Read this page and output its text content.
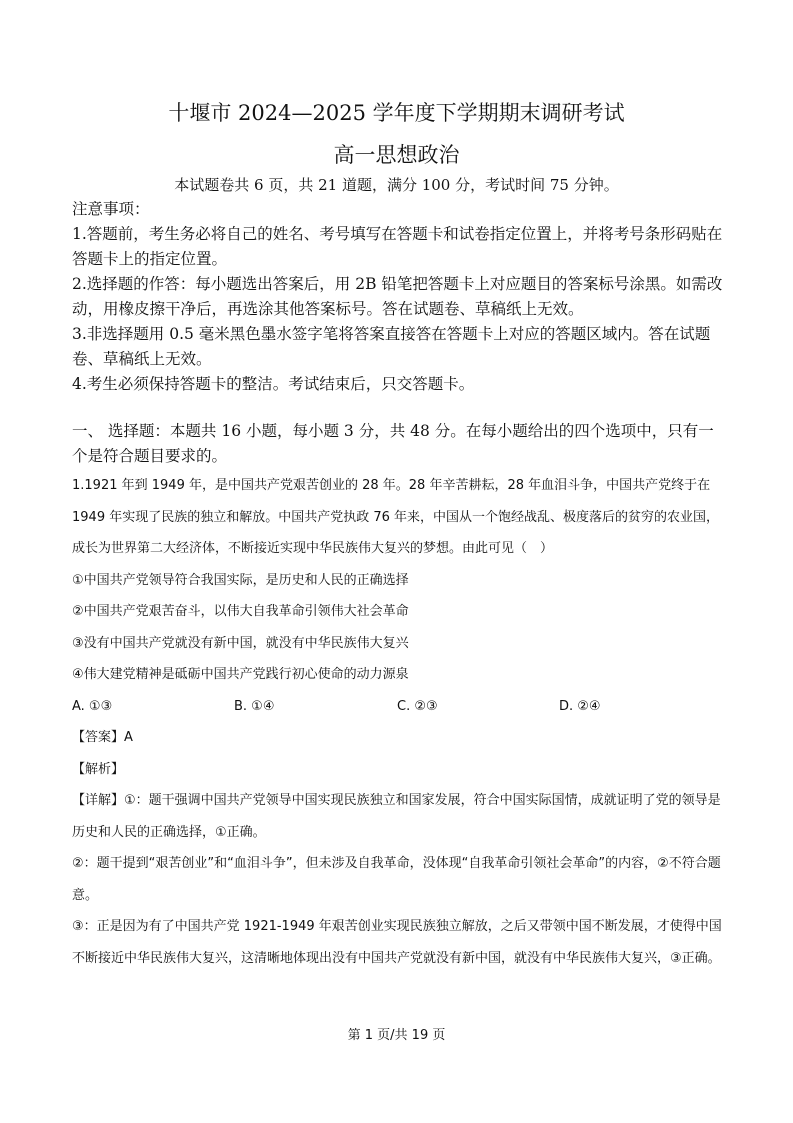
十堰市 2024—2025 学年度下学期期末调研考试
高一思想政治
本试题卷共 6 页，共 21 道题，满分 100 分，考试时间 75 分钟。

注意事项：

1.答题前，考生务必将自己的姓名、考号填写在答题卡和试卷指定位置上，并将考号条形码贴在答题卡上的指定位置。

2.选择题的作答：每小题选出答案后，用 2B 铅笔把答题卡上对应题目的答案标号涂黑。如需改动，用橡皮擦干净后，再选涂其他答案标号。答在试题卷、草稿纸上无效。

3.非选择题用 0.5 毫米黑色墨水签字笔将答案直接答在答题卡上对应的答题区域内。答在试题卷、草稿纸上无效。

4.考生必须保持答题卡的整洁。考试结束后，只交答题卡。

一、 选择题：本题共 16 小题，每小题 3 分，共 48 分。在每小题给出的四个选项中，只有一个是符合题目要求的。

1.1921 年到 1949 年，是中国共产党艰苦创业的 28 年。28 年辛苦耕耘，28 年血泪斗争，中国共产党终于在 1949 年实现了民族的独立和解放。中国共产党执政 76 年来，中国从一个饱经战乱、极度落后的贫穷的农业国，成长为世界第二大经济体，不断接近实现中华民族伟大复兴的梦想。由此可见（　）

①中国共产党领导符合我国实际，是历史和人民的正确选择

②中国共产党艰苦奋斗，以伟大自我革命引领伟大社会革命

③没有中国共产党就没有新中国，就没有中华民族伟大复兴

④伟大建党精神是砥砺中国共产党践行初心使命的动力源泉

A. ①③	B. ①④	C. ②③	D. ②④

【答案】A

【解析】

【详解】①：题干强调中国共产党领导中国实现民族独立和国家发展，符合中国实际国情，成就证明了党的领导是历史和人民的正确选择，①正确。

②：题干提到“艰苦创业”和“血泪斗争”，但未涉及自我革命，没体现“自我革命引领社会革命”的内容，②不符合题意。

③：正是因为有了中国共产党 1921-1949 年艰苦创业实现民族独立解放，之后又带领中国不断发展，才使得中国不断接近中华民族伟大复兴，这清晰地体现出没有中国共产党就没有新中国，就没有中华民族伟大复兴，③正确。

第 1 页/共 19 页
